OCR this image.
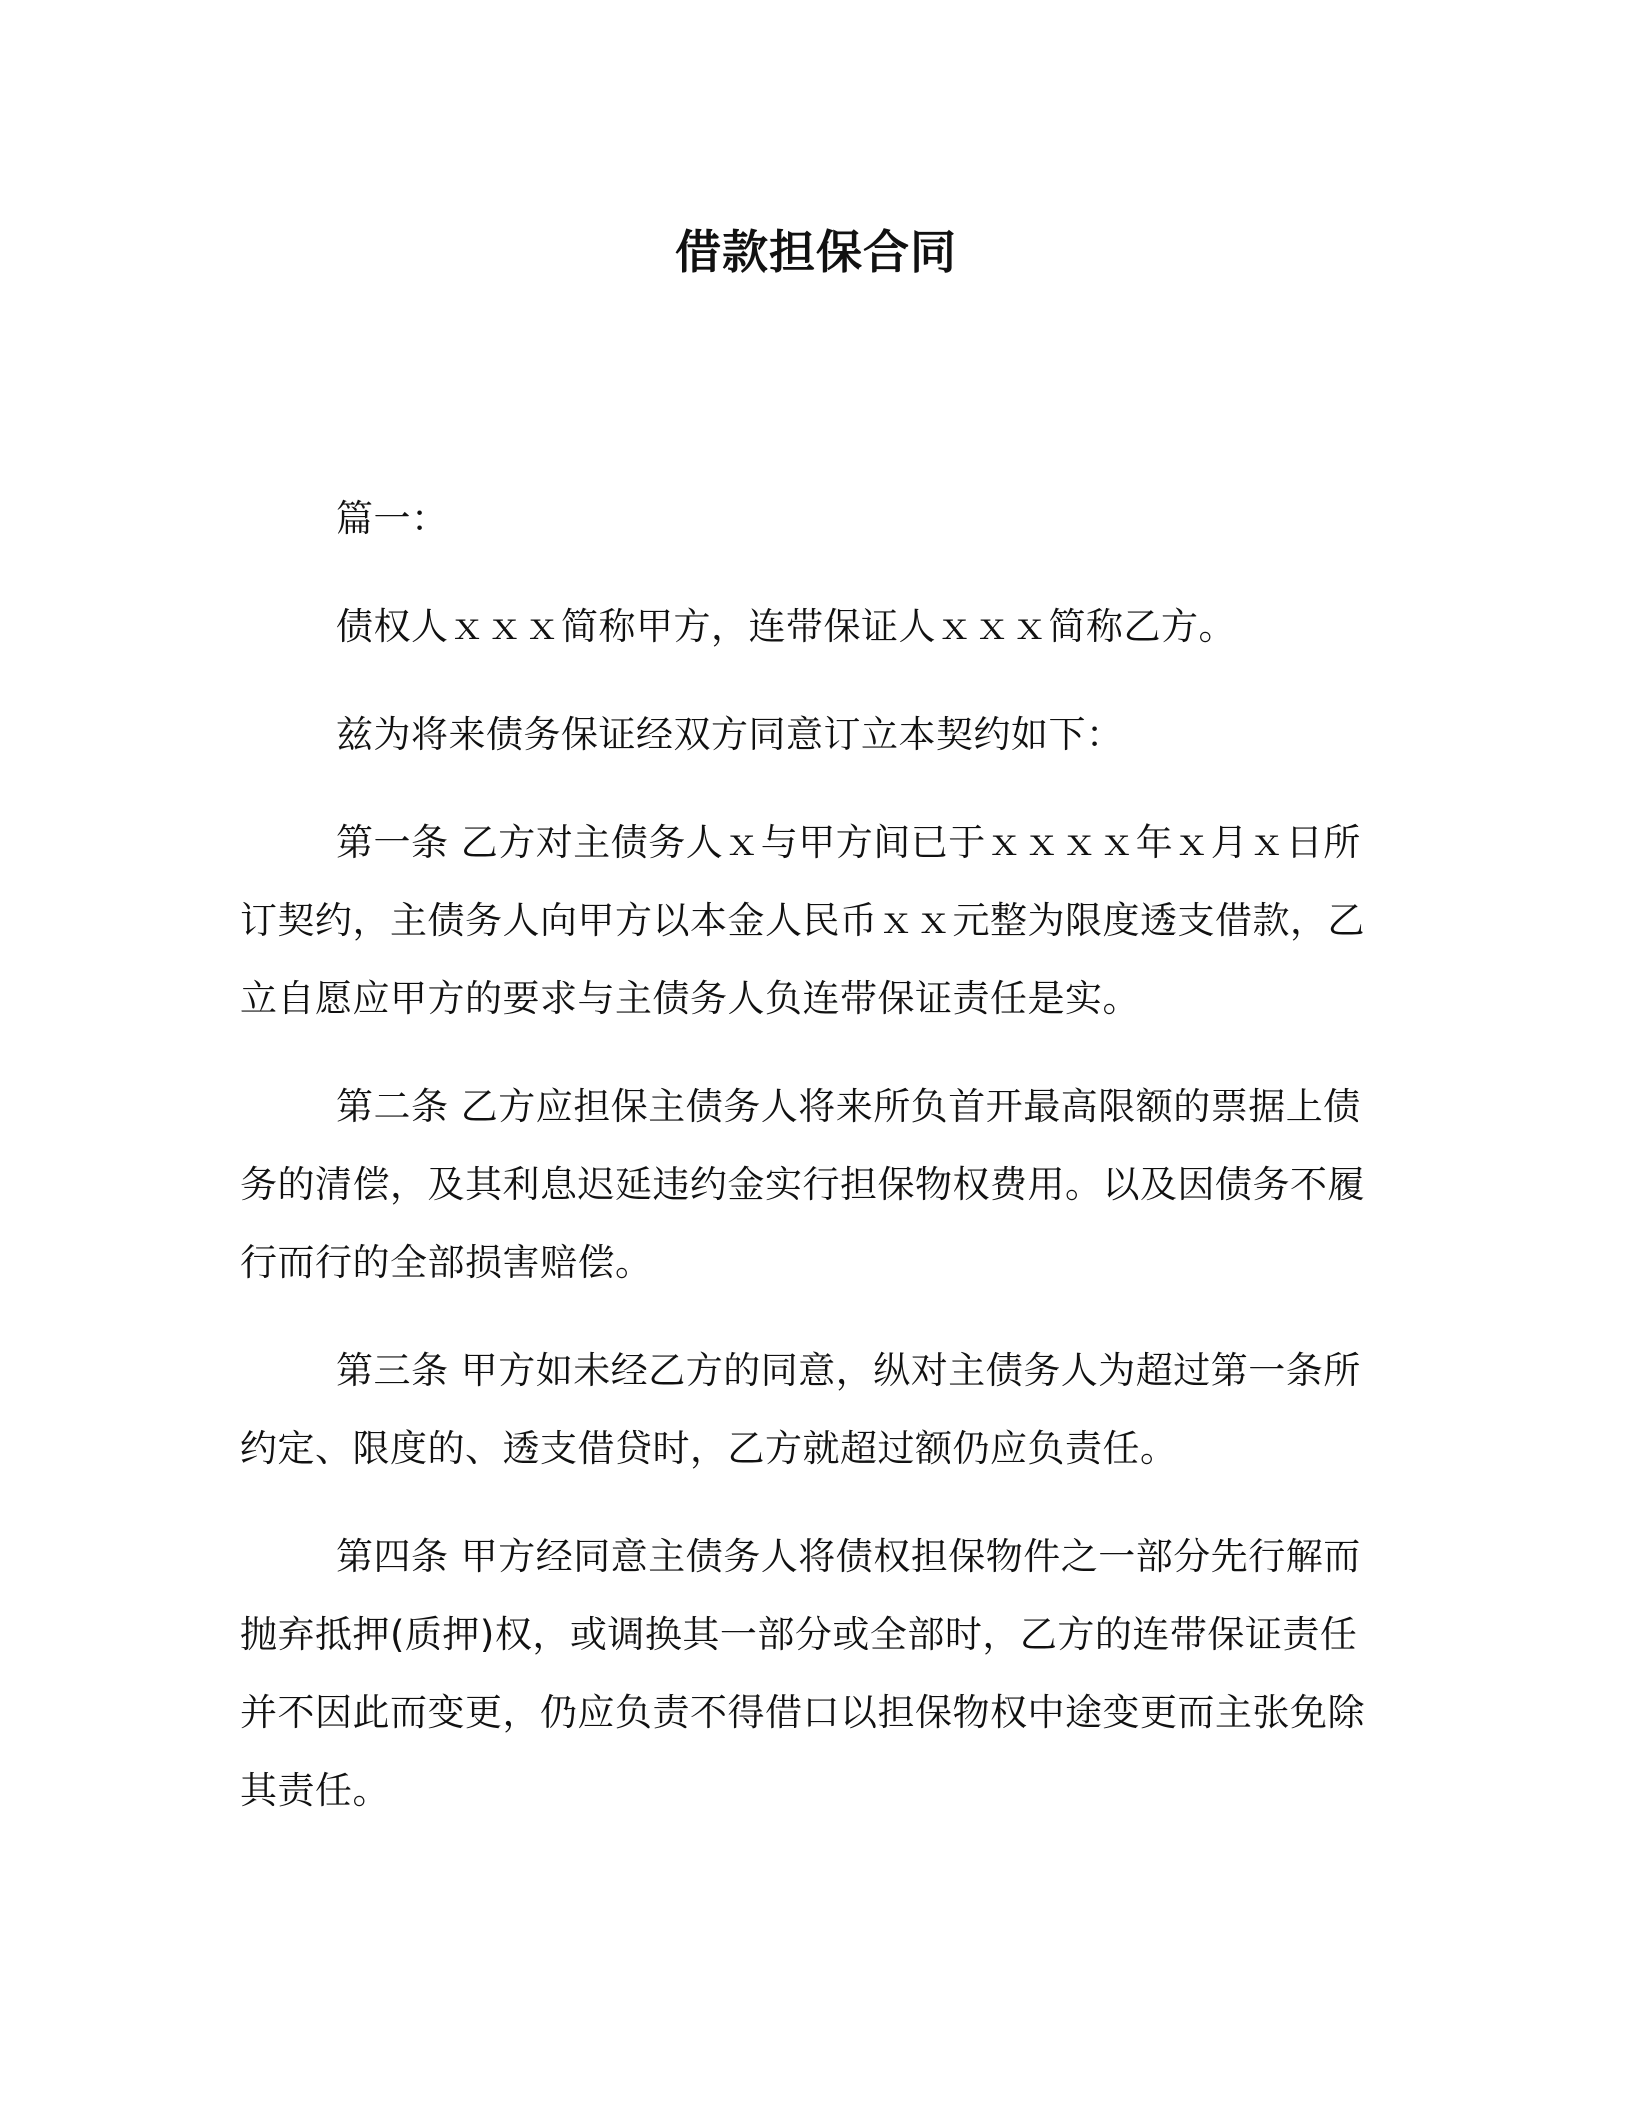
借款担保合同

篇一：

债权人ｘｘｘ简称甲方，连带保证人ｘｘｘ简称乙方。

兹为将来债务保证经双方同意订立本契约如下：

第一条 乙方对主债务人ｘ与甲方间已于ｘｘｘｘ年ｘ月ｘ日所订契约，主债务人向甲方以本金人民币ｘｘ元整为限度透支借款，乙立自愿应甲方的要求与主债务人负连带保证责任是实。

第二条 乙方应担保主债务人将来所负首开最高限额的票据上债务的清偿，及其利息迟延违约金实行担保物权费用。以及因债务不履行而行的全部损害赔偿。

第三条 甲方如未经乙方的同意，纵对主债务人为超过第一条所约定、限度的、透支借贷时，乙方就超过额仍应负责任。

第四条 甲方经同意主债务人将债权担保物件之一部分先行解而抛弃抵押(质押)权，或调换其一部分或全部时，乙方的连带保证责任并不因此而变更，仍应负责不得借口以担保物权中途变更而主张免除其责任。
